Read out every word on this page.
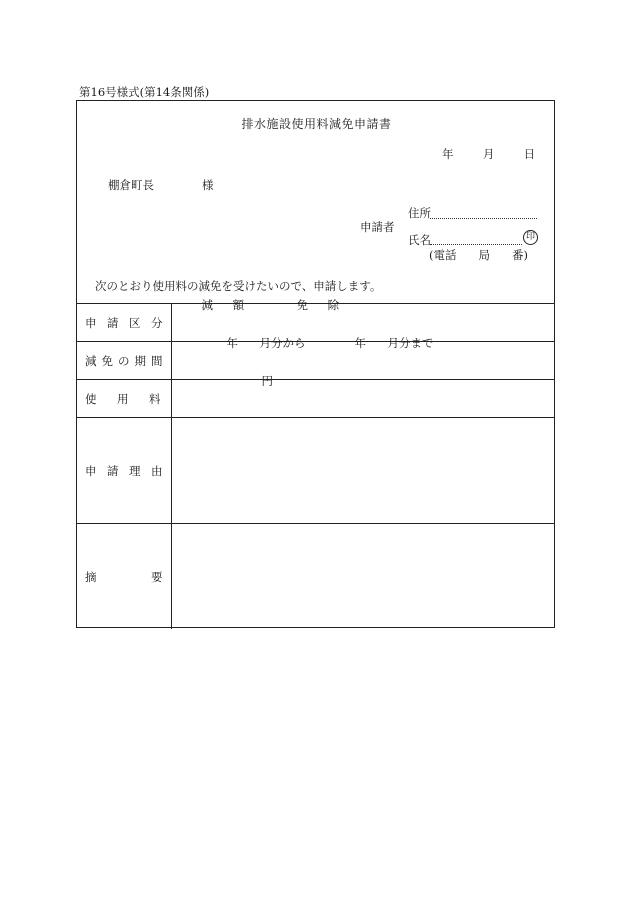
第16号様式(第14条関係)
排水施設使用料減免申請書
年	月	日
棚倉町長	様
申請者
住所
氏名	印
(電話 局 番)
次のとおり使用料の減免を受けたいので、申請します。
申 請 区 分	減 額 免 除

減 免 の 期 間	年 月分から 年 月分まで

使 用 料	円

申 請 理 由	

摘 要	
